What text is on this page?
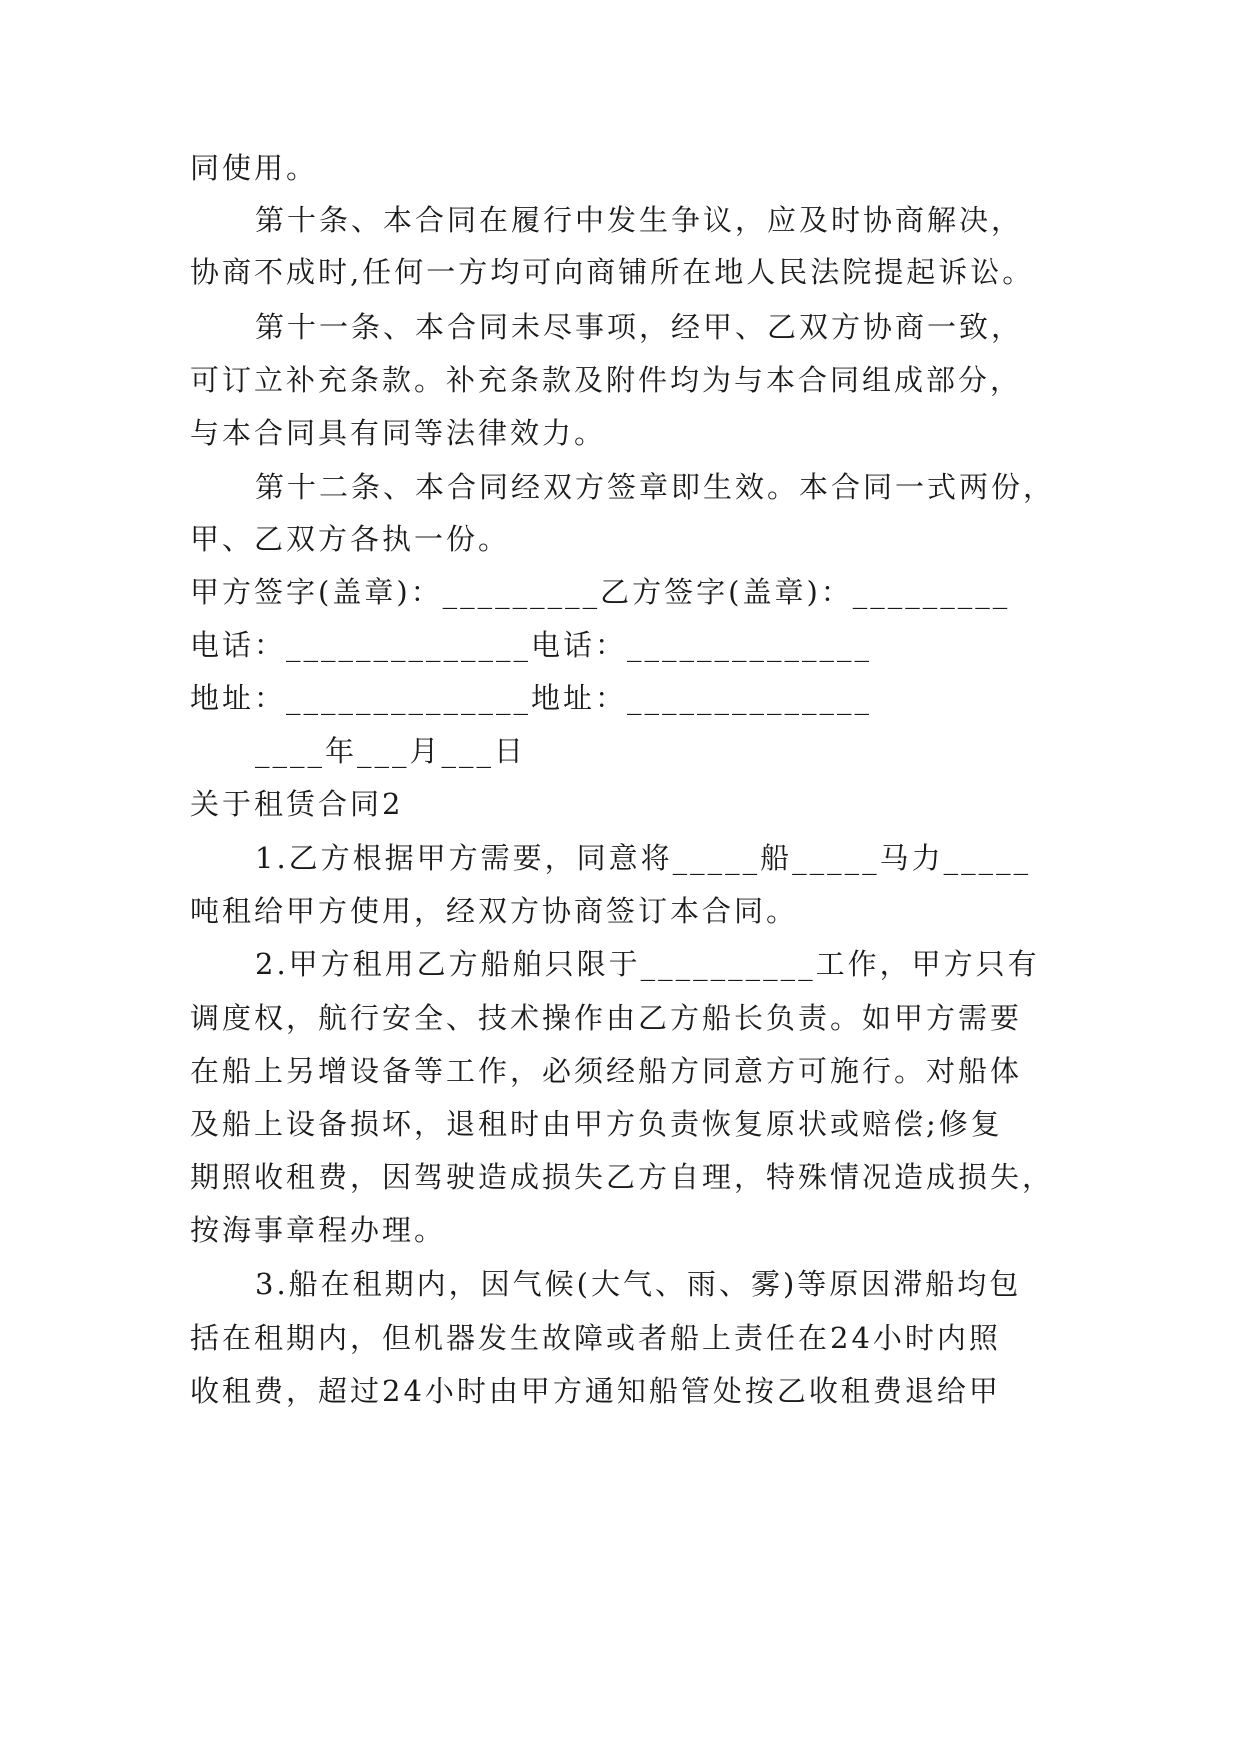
同使用。
第十条、本合同在履行中发生争议，应及时协商解决，
协商不成时,任何一方均可向商铺所在地人民法院提起诉讼。
第十一条、本合同未尽事项，经甲、乙双方协商一致，
可订立补充条款。补充条款及附件均为与本合同组成部分，
与本合同具有同等法律效力。
第十二条、本合同经双方签章即生效。本合同一式两份，
甲、乙双方各执一份。
甲方签字(盖章)：_________乙方签字(盖章)：_________
电话：______________电话：______________
地址：______________地址：______________
____年___月___日
关于租赁合同2
1.乙方根据甲方需要，同意将_____船_____马力_____
吨租给甲方使用，经双方协商签订本合同。
2.甲方租用乙方船舶只限于__________工作，甲方只有
调度权，航行安全、技术操作由乙方船长负责。如甲方需要
在船上另增设备等工作，必须经船方同意方可施行。对船体
及船上设备损坏，退租时由甲方负责恢复原状或赔偿;修复
期照收租费，因驾驶造成损失乙方自理，特殊情况造成损失，
按海事章程办理。
3.船在租期内，因气候(大气、雨、雾)等原因滞船均包
括在租期内，但机器发生故障或者船上责任在24小时内照
收租费，超过24小时由甲方通知船管处按乙收租费退给甲
